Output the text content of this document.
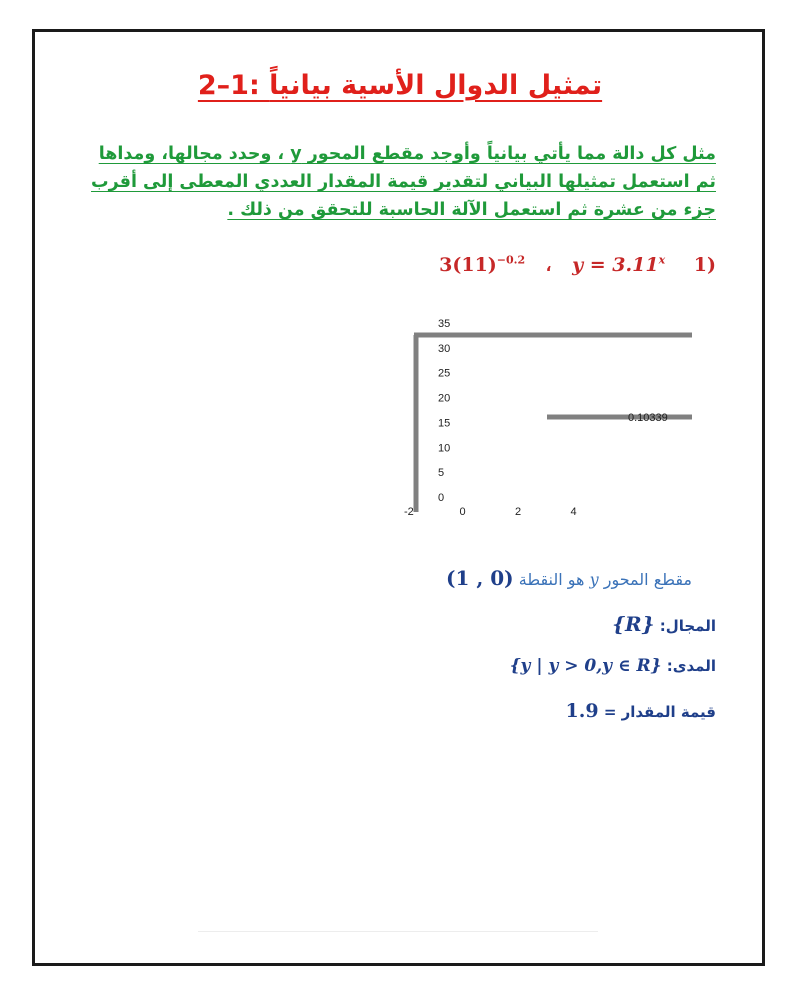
2–1: تمثيل الدوال الأسية بيانياً
مثل كل دالة مما يأتي بيانياً وأوجد مقطع المحور y ، وحدد مجالها، ومداها
ثم استعمل تمثيلها البياني لتقدير قيمة المقدار العددي المعطى إلى أقرب
جزء من عشرة ثم استعمل الآلة الحاسبة للتحقق من ذلك .
(1 $y = 3.11^x$ ، $3(11)^{-0.2}$
0
5
10
15
20
25
30
35
-2	0	2	4
0.10339
مقطع المحور y هو النقطة (1 , 0)
المجال: {R}
المدى: {y | y > 0,y ∈ R}
قيمة المقدار = 1.9
